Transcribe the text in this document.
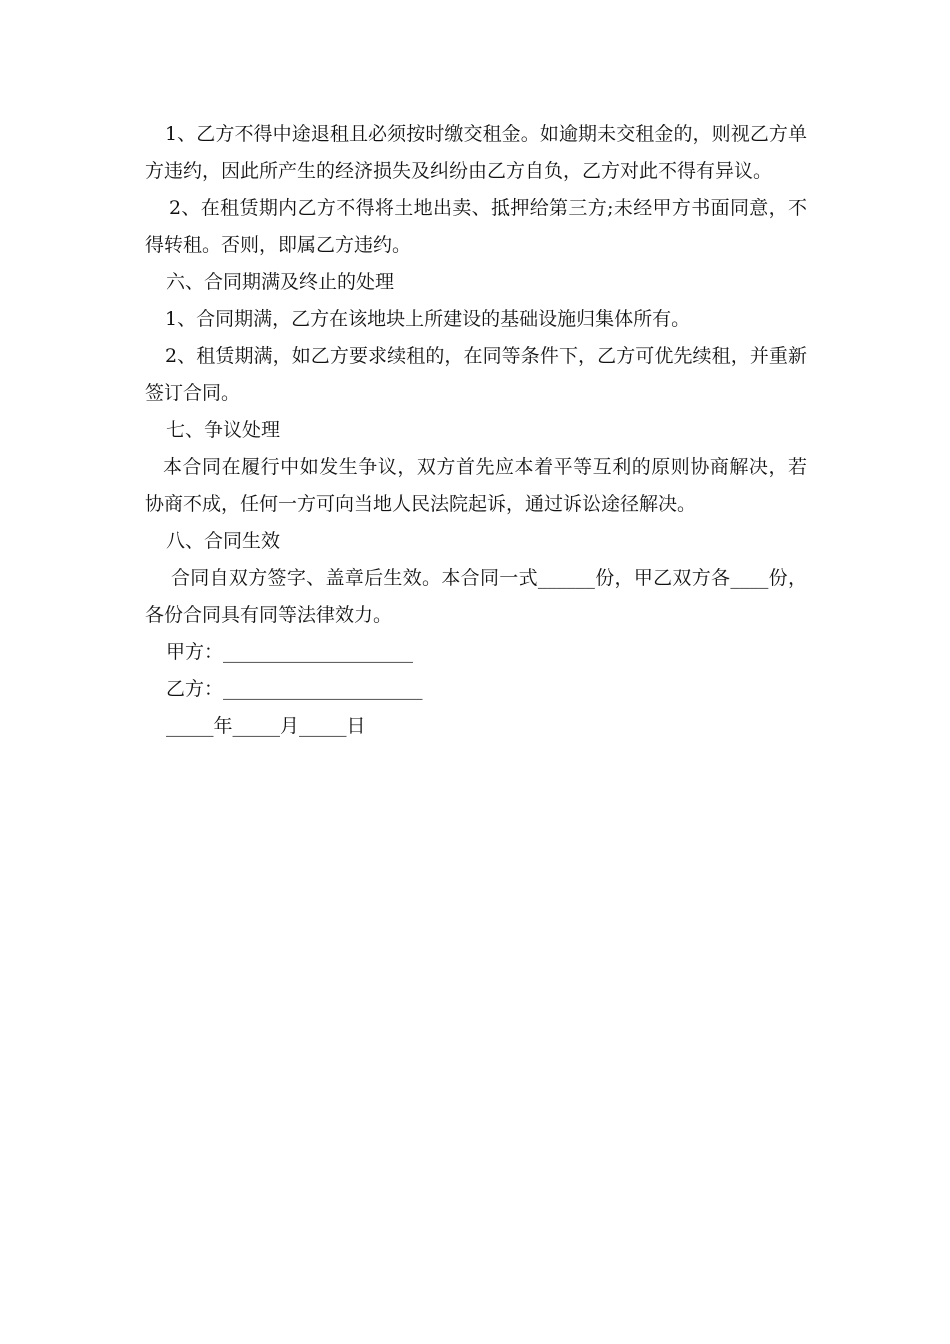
1、乙方不得中途退租且必须按时缴交租金。如逾期未交租金的，则视乙方单方违约，因此所产生的经济损失及纠纷由乙方自负，乙方对此不得有异议。

2、在租赁期内乙方不得将土地出卖、抵押给第三方;未经甲方书面同意，不得转租。否则，即属乙方违约。

六、合同期满及终止的处理

1、合同期满，乙方在该地块上所建设的基础设施归集体所有。

2、租赁期满，如乙方要求续租的，在同等条件下，乙方可优先续租，并重新签订合同。

七、争议处理

本合同在履行中如发生争议，双方首先应本着平等互利的原则协商解决，若协商不成，任何一方可向当地人民法院起诉，通过诉讼途径解决。

八、合同生效

合同自双方签字、盖章后生效。本合同一式______份，甲乙双方各____份，各份合同具有同等法律效力。

甲方：____________________

乙方：_____________________

_____年_____月_____日
